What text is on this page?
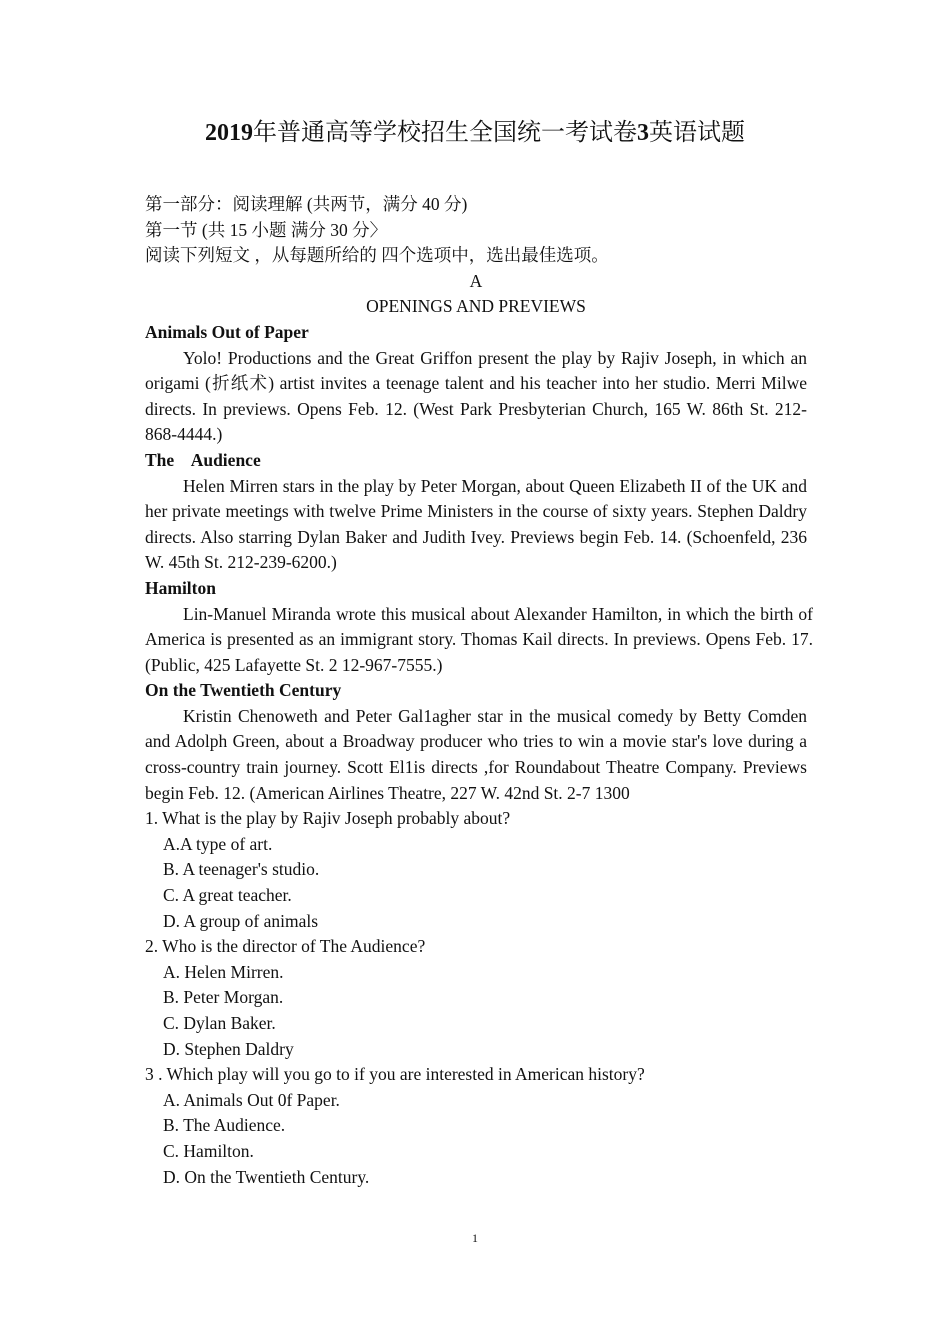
2019年普通高等学校招生全国统一考试卷3英语试题
第一部分：阅读理解 (共两节，满分 40 分)
第一节 (共 15 小题 满分 30 分〉
阅读下列短文 ，从每题所给的 四个选项中，选出最佳选项。
A
OPENINGS AND PREVIEWS
Animals Out of Paper
Yolo! Productions and the Great Griffon present the play by Rajiv Joseph, in which an origami (折纸术) artist invites a teenage talent and his teacher into her studio. Merri Milwe directs. In previews. Opens Feb. 12. (West Park Presbyterian Church, 165 W. 86th St. 212-868-4444.)
The    Audience
Helen Mirren stars in the play by Peter Morgan, about Queen Elizabeth II of the UK and her private meetings with twelve Prime Ministers in the course of sixty years. Stephen Daldry directs. Also starring Dylan Baker and Judith Ivey. Previews begin Feb. 14. (Schoenfeld, 236 W. 45th St. 212-239-6200.)
Hamilton
Lin-Manuel Miranda wrote this musical about Alexander Hamilton, in which the birth of America is presented as an immigrant story. Thomas Kail directs. In previews. Opens Feb. 17. (Public, 425 Lafayette St. 2 12-967-7555.)
On the Twentieth Century
Kristin Chenoweth and Peter Gal1agher star in the musical comedy by Betty Comden and Adolph Green, about a Broadway producer who tries to win a movie star's love during a cross-country train journey. Scott El1is directs ,for Roundabout Theatre Company. Previews begin Feb. 12. (American Airlines Theatre, 227 W. 42nd St. 2-7 1300
1. What is the play by Rajiv Joseph probably about?
A.A type of art.
B. A teenager's studio.
C. A great teacher.
D. A group of animals
2. Who is the director of The Audience?
A. Helen Mirren.
B. Peter Morgan.
C. Dylan Baker.
D. Stephen Daldry
3 . Which play will you go to if you are interested in American history?
A. Animals Out 0f Paper.
B. The Audience.
C. Hamilton.
D. On the Twentieth Century.
1
